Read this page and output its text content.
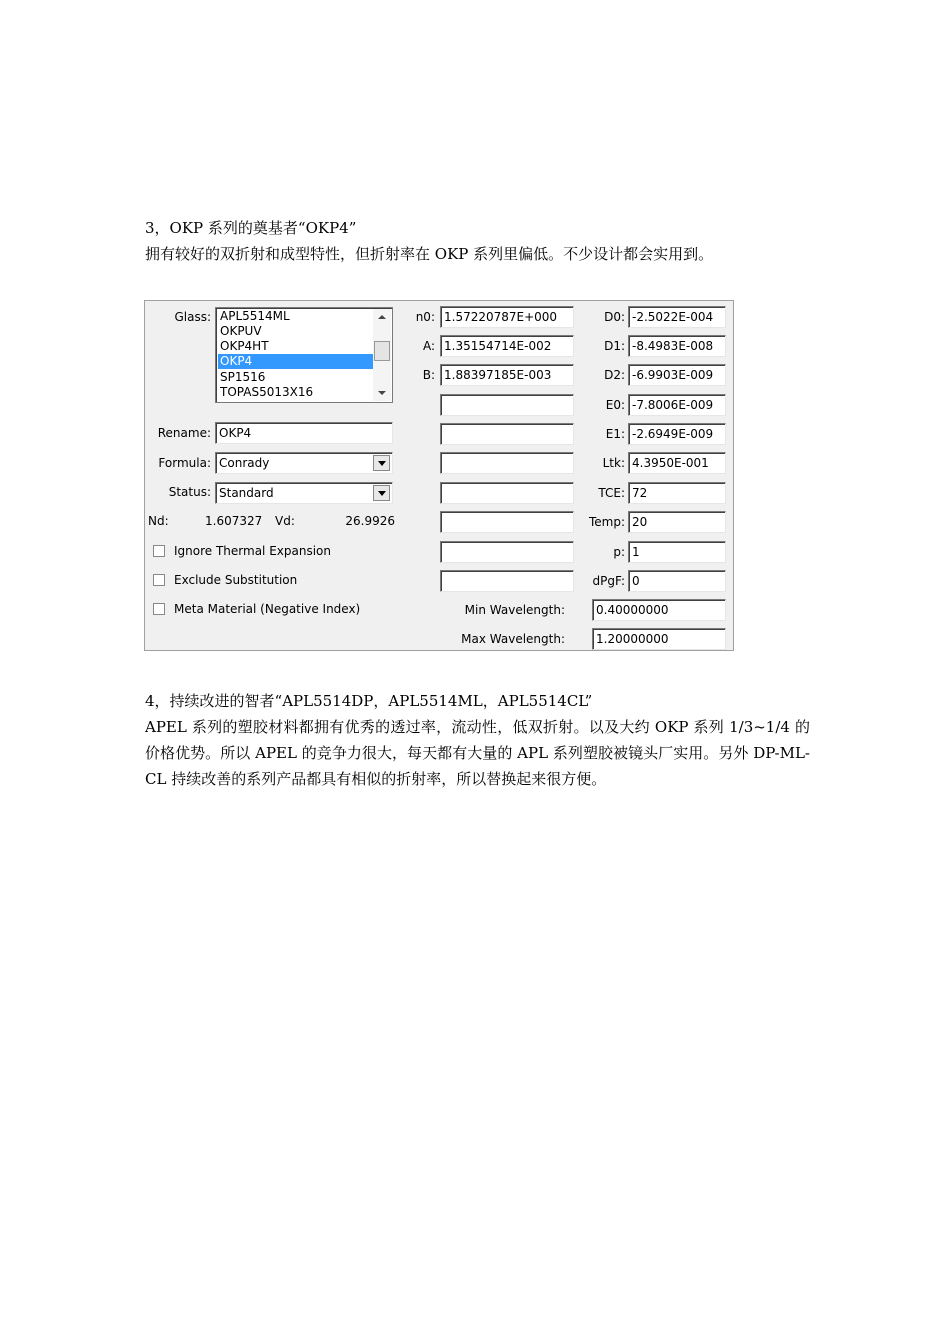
3，OKP 系列的奠基者“OKP4”

拥有较好的双折射和成型特性，但折射率在 OKP 系列里偏低。不少设计都会实用到。

Glass: APL5514ML
OKPUV
OKP4HT
OKP4
SP1516
TOPAS5013X16
Rename: OKP4
Formula: Conrady
Status: Standard
Nd:	1.607327 Vd:	26.9926
Ignore Thermal Expansion
Exclude Substitution
Meta Material (Negative Index)
n0: 1.57220787E+000
A: 1.35154714E-002
B: 1.88397185E-003
D0: -2.5022E-004
D1: -8.4983E-008
D2: -6.9903E-009
E0: -7.8006E-009
E1: -2.6949E-009
Ltk: 4.3950E-001
TCE: 72
Temp: 20
p: 1
dPgF: 0
Min Wavelength:	0.40000000
Max Wavelength:	1.20000000

4，持续改进的智者“APL5514DP，APL5514ML，APL5514CL”

APEL 系列的塑胶材料都拥有优秀的透过率，流动性，低双折射。以及大约 OKP 系列 1/3~1/4 的价格优势。所以 APEL 的竞争力很大，每天都有大量的 APL 系列塑胶被镜头厂实用。另外 DP-ML-CL 持续改善的系列产品都具有相似的折射率，所以替换起来很方便。
